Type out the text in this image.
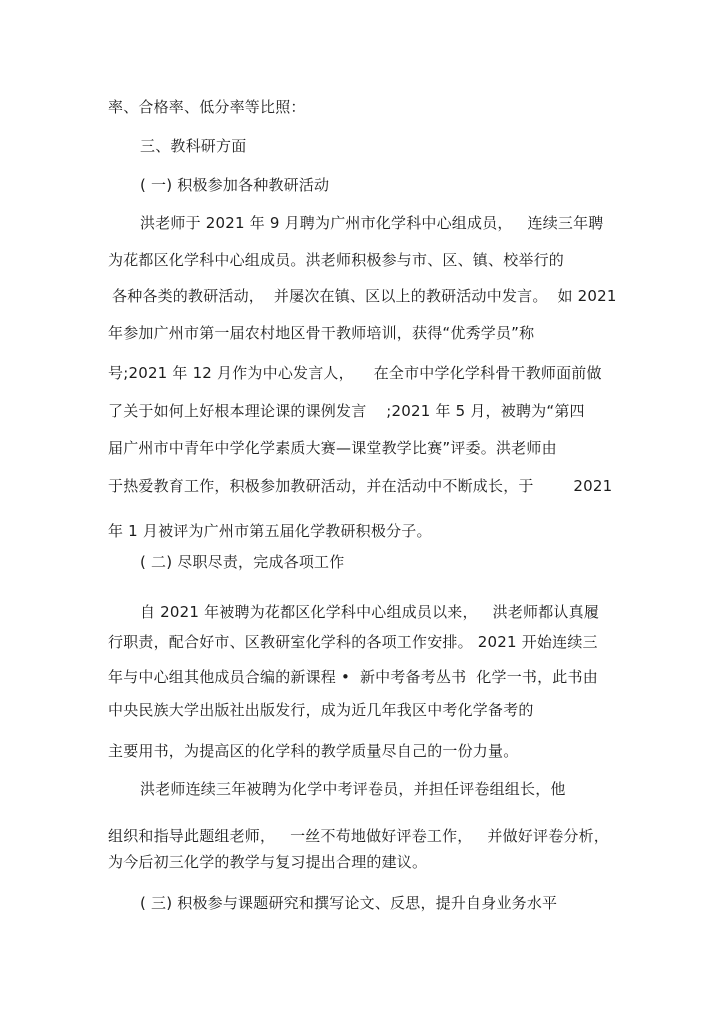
率、合格率、低分率等比照：
三、教科研方面
( 一) 积极参加各种教研活动
洪老师于 2021 年 9 月聘为广州市化学科中心组成员，   连续三年聘
为花都区化学科中心组成员。洪老师积极参与市、区、镇、校举行的
各种各类的教研活动，  并屡次在镇、区以上的教研活动中发言。  如 2021
年参加广州市第一届农村地区骨干教师培训，获得“优秀学员”称
号;2021 年 12 月作为中心发言人，    在全市中学化学科骨干教师面前做
了关于如何上好根本理论课的课例发言    ;2021 年 5 月，被聘为“第四
届广州市中青年中学化学素质大赛—课堂教学比赛”评委。洪老师由
于热爱教育工作，积极参加教研活动，并在活动中不断成长，于        2021
年 1 月被评为广州市第五届化学教研积极分子。
( 二) 尽职尽责，完成各项工作
自 2021 年被聘为花都区化学科中心组成员以来，   洪老师都认真履
行职责，配合好市、区教研室化学科的各项工作安排。 2021 开始连续三
年与中心组其他成员合编的新课程 •  新中考备考丛书  化学一书，此书由
中央民族大学出版社出版发行，成为近几年我区中考化学备考的
主要用书，为提高区的化学科的教学质量尽自己的一份力量。
洪老师连续三年被聘为化学中考评卷员，并担任评卷组组长，他
组织和指导此题组老师，   一丝不苟地做好评卷工作，   并做好评卷分析，
为今后初三化学的教学与复习提出合理的建议。
( 三) 积极参与课题研究和撰写论文、反思，提升自身业务水平
